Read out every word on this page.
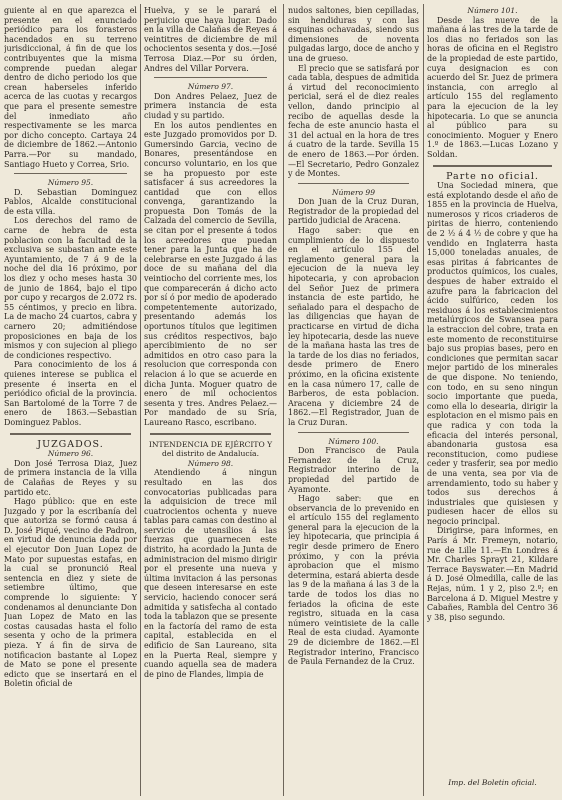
guiente al en que aparezca el presente en el enunciado periódico para los forasteros hacendados en su terreno jurisdiccional, á fin de que los contribuyentes que la misma comprende puedan alegar dentro de dicho periodo los que crean haberseles inferido acerca de las cuotas y recargos que para el presente semestre del inmediato año respectivamente se les marca por dicho concepto. Cartaya 24 de diciembre de 1862.—Antonio Parra.—Por su mandado, Santiago Hueto y Correa, Srio.

Número 95.

D. Sebastian Dominguez Pablos, Alcalde constitucional de esta villa.

Los derechos del ramo de carne de hebra de esta poblacion con la facultad de la exclusiva se subastan ante este Ayuntamiento, de 7 á 9 de la noche del dia 16 próximo, por los diez y ocho meses hasta 30 de junio de 1864, bajo el tipo por cupo y recargos de 2.072 rs. 55 céntimos, y precio en libra. La de macho 24 cuartos, cabra y carnero 20; admitiéndose proposiciones en baja de los mismos y con sujecion al pliego de condiciones respectivo.

Para conocimiento de los á quienes interese se publica el presente é inserta en el periódico oficial de la provincia. San Bartolomé de la Torre 7 de enero de 1863.—Sebastian Dominguez Pablos.

JUZGADOS.

Número 96.

Don José Terrosa Diaz, Juez de primera instancia de la villa de Calañas de Reyes y su partido etc.

Hago público: que en este Juzgado y por la escribanía del que autoriza se formó causa á D. José Piqué, vecino de Padron, en virtud de denuncia dada por el ejecutor Don Juan Lopez de Mato por supuestas estafas, en la cual se pronunció Real sentencia en diez y siete de setiembre último, que comprende lo siguiente: Y condenamos al denunciante Don Juan Lopez de Mato en las costas causadas hasta el folio sesenta y ocho de la primera pieza. Y á fin de sirva de notificacion bastante al Lopez de Mato se pone el presente edicto que se insertará en el Boletin oficial de

Huelva, y se le parará el perjuicio que haya lugar. Dado en la villa de Calañas de Reyes á veintitres de diciembre de mil ochocientos sesenta y dos.—José Terrosa Diaz.—Por su órden, Andres del Villar Porvera.

Número 97.

Don Andres Pelaez, Juez de primera instancia de esta ciudad y su partido.

En los autos pendientes en este Juzgado promovidos por D. Gumersindo Garcia, vecino de Bonares, presentándose en concurso voluntario, en los que se ha propuesto por este satisfacer á sus acreedores la cantidad que con ellos convenga, garantizando la propuesta Don Tomás de la Calzada del comercio de Sevilla, se citan por el presente á todos los acreedores que puedan tener para la Junta que ha de celebrarse en este Juzgado á las doce de su mañana del dia veintiocho del corriente mes, los que comparecerán á dicho acto por sí ó por medio de apoderado competentemente autorizado, presentando además los oportunos títulos que legitimen sus créditos respectivos, bajo apercibimiento de no ser admitidos en otro caso para la resolucion que corresponda con relacion á lo que se acuerde en dicha Junta. Moguer quatro de enero de mil ochocientos sesenta y tres. Andres Pelaez.—Por mandado de su Sría, Laureano Rasco, escribano.

INTENDENCIA DE EJÉRCITO Y del distrito de Andalucía.

Número 98.

Atendiendo á ningun resultado en las dos convocatorias publicadas para la adquisicion de trece mil cuatrocientos ochenta y nueve tablas para camas con destino al servicio de utensilios á las fuerzas que guarnecen este distrito, ha acordado la Junta de administracion del mismo dirigir por el presente una nueva y última invitacion á las personas que deseen interesarse en este servicio, haciendo conocer será admitida y satisfecha al contado toda la tablazon que se presente en la factoría del ramo de esta capital, establecida en el edificio de San Laureano, sita en la Puerta Real, siempre y cuando aquella sea de madera de pino de Flandes, limpia de

nudos saltones, bien cepilladas, sin hendiduras y con las esquinas ochavadas, siendo sus dimensiones de noventa pulgadas largo, doce de ancho y una de grueso.

El precio que se satisfará por cada tabla, despues de admitida á virtud del reconocimiento pericial, será el de diez reales vellon, dando principio al recibo de aquellas desde la fecha de este anuncio hasta el 31 del actual en la hora de tres á cuatro de la tarde. Sevilla 15 de enero de 1863.—Por órden.—El Secretario, Pedro Gonzalez y de Montes.

Número 99

Don Juan de la Cruz Duran, Registrador de la propiedad del partido judicial de Aracena.

Hago saber: que en cumplimiento de lo dispuesto en el artículo 155 del reglamento general para la ejecucion de la nueva ley hipotecaria, y con aprobacion del Señor Juez de primera instancia de este partido, he señalado para el despacho de las diligencias que hayan de practicarse en virtud de dicha ley hipotecaria, desde las nueve de la mañana hasta las tres de la tarde de los dias no feriados, desde primero de Enero próximo, en la oficina existente en la casa número 17, calle de Barberos, de esta poblacion. Aracena y diciembre 24 de 1862.—El Registrador, Juan de la Cruz Duran.

Número 100.

Don Francisco de Paula Fernandez de la Cruz, Registrador interino de la propiedad del partido de Ayamonte.

Hago saber: que en observancia de lo prevenido en el artículo 155 del reglamento general para la ejecucion de la ley hipotecaria, que principia á regir desde primero de Enero próximo, y con la prévia aprobacion que el mismo determina, estará abierta desde las 9 de la mañana á las 3 de la tarde de todos los dias no feriados la oficina de este registro, situada en la casa número veintisiete de la calle Real de esta ciudad. Ayamonte 29 de diciembre de 1862.—El Registrador interino, Francisco de Paula Fernandez de la Cruz.

Número 101.

Desde las nueve de la mañana á las tres de la tarde de los dias no feriados son las horas de oficina en el Registro de la propiedad de este partido, cuya designacion es con acuerdo del Sr. Juez de primera instancia, con arreglo al artículo 155 del reglamento para la ejecucion de la ley hipotecaria. Lo que se anuncia al público para su conocimiento. Moguer y Enero 1.º de 1863.—Lucas Lozano y Soldan.

Parte no oficial.

Una Sociedad minera, que está explotando desde el año de 1855 en la provincia de Huelva, numerosos y ricos criaderos de piritas de hierro, conteniendo de 2 ½ á 4 ½ de cobre y que ha vendido en Inglaterra hasta 15,000 toneladas anuales, de esas piritas á fabricantes de productos químicos, los cuales, despues de haber extraido el azufre para la fabricacion del ácido sulfúrico, ceden los residuos á los establecimientos metalúrgicos de Swansea para la estraccion del cobre, trata en este momento de reconstituirse bajo sus propias bases, pero en condiciones que permitan sacar mejor partido de los minerales de que dispone. No teniendo, con todo, en su seno ningun socio importante que pueda, como ella lo desearia, dirigir la esplotacion en el mismo pais en que radica y con toda la eficacia del interés personal, abandonaria gustosa esa reconstitucion, como pudiese ceder y trasferir, sea por medio de una venta, sea por via de arrendamiento, todo su haber y todos sus derechos á industriales que quisiesen y pudiesen hacer de ellos su negocio principal.

Dirigirse, para informes, en París á Mr. Fremeyn, notario, rue de Lille 11.—En Londres á Mr. Charles Sprayt 21, Kildare Terrace Bayswater.—En Madrid á D. José Olmedilla, calle de las Rejas, núm. 1 y 2, piso 2.º; en Barcelona á D. Miguel Mestre y Cabañes, Rambla del Centro 36 y 38, piso segundo.

Imp. del Boletin oficial.
